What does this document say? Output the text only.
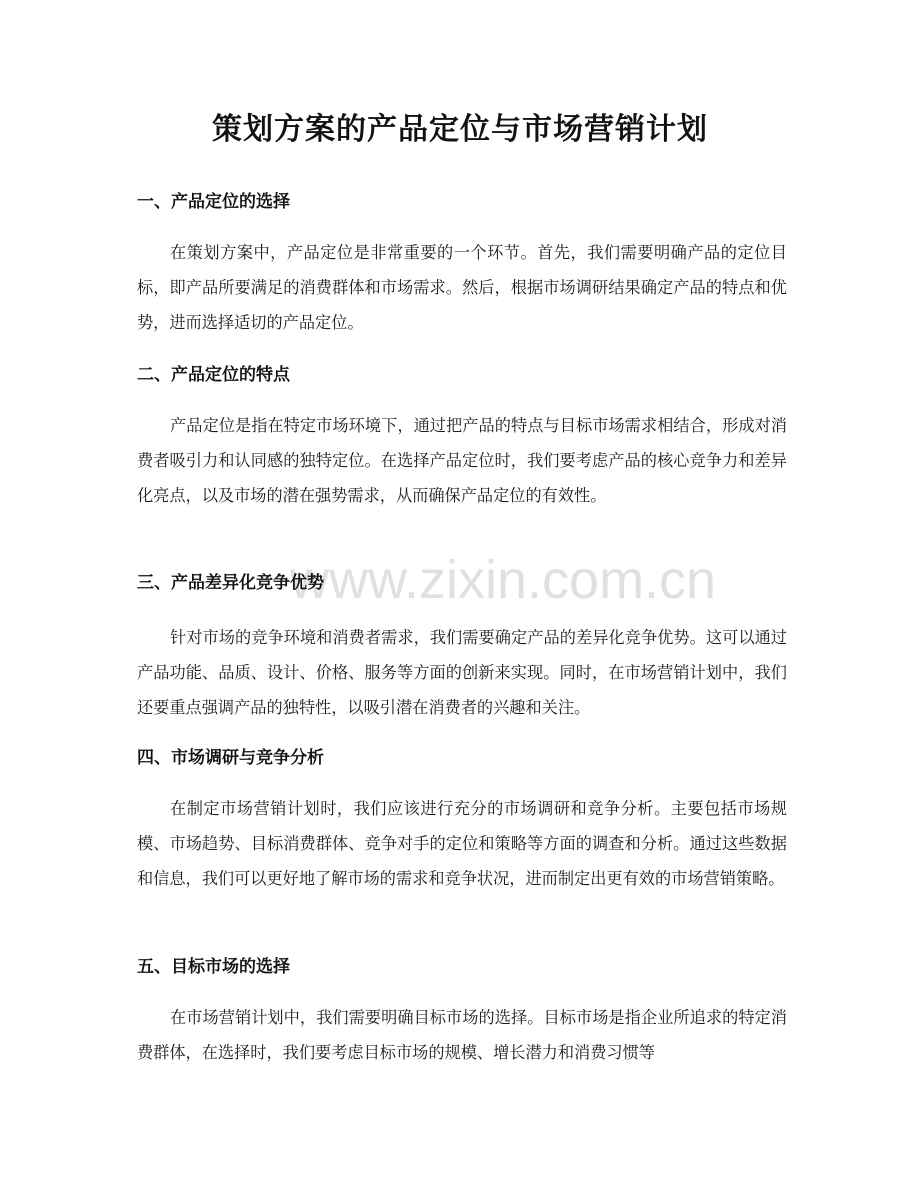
策划方案的产品定位与市场营销计划
一、产品定位的选择

在策划方案中，产品定位是非常重要的一个环节。首先，我们需要明确产品的定位目标，即产品所要满足的消费群体和市场需求。然后，根据市场调研结果确定产品的特点和优势，进而选择适切的产品定位。

二、产品定位的特点

产品定位是指在特定市场环境下，通过把产品的特点与目标市场需求相结合，形成对消费者吸引力和认同感的独特定位。在选择产品定位时，我们要考虑产品的核心竞争力和差异化亮点，以及市场的潜在强势需求，从而确保产品定位的有效性。

三、产品差异化竞争优势

针对市场的竞争环境和消费者需求，我们需要确定产品的差异化竞争优势。这可以通过产品功能、品质、设计、价格、服务等方面的创新来实现。同时，在市场营销计划中，我们还要重点强调产品的独特性，以吸引潜在消费者的兴趣和关注。

四、市场调研与竞争分析

在制定市场营销计划时，我们应该进行充分的市场调研和竞争分析。主要包括市场规模、市场趋势、目标消费群体、竞争对手的定位和策略等方面的调查和分析。通过这些数据和信息，我们可以更好地了解市场的需求和竞争状况，进而制定出更有效的市场营销策略。

五、目标市场的选择

在市场营销计划中，我们需要明确目标市场的选择。目标市场是指企业所追求的特定消费群体，在选择时，我们要考虑目标市场的规模、增长潜力和消费习惯等

www.zixin.com.cn
